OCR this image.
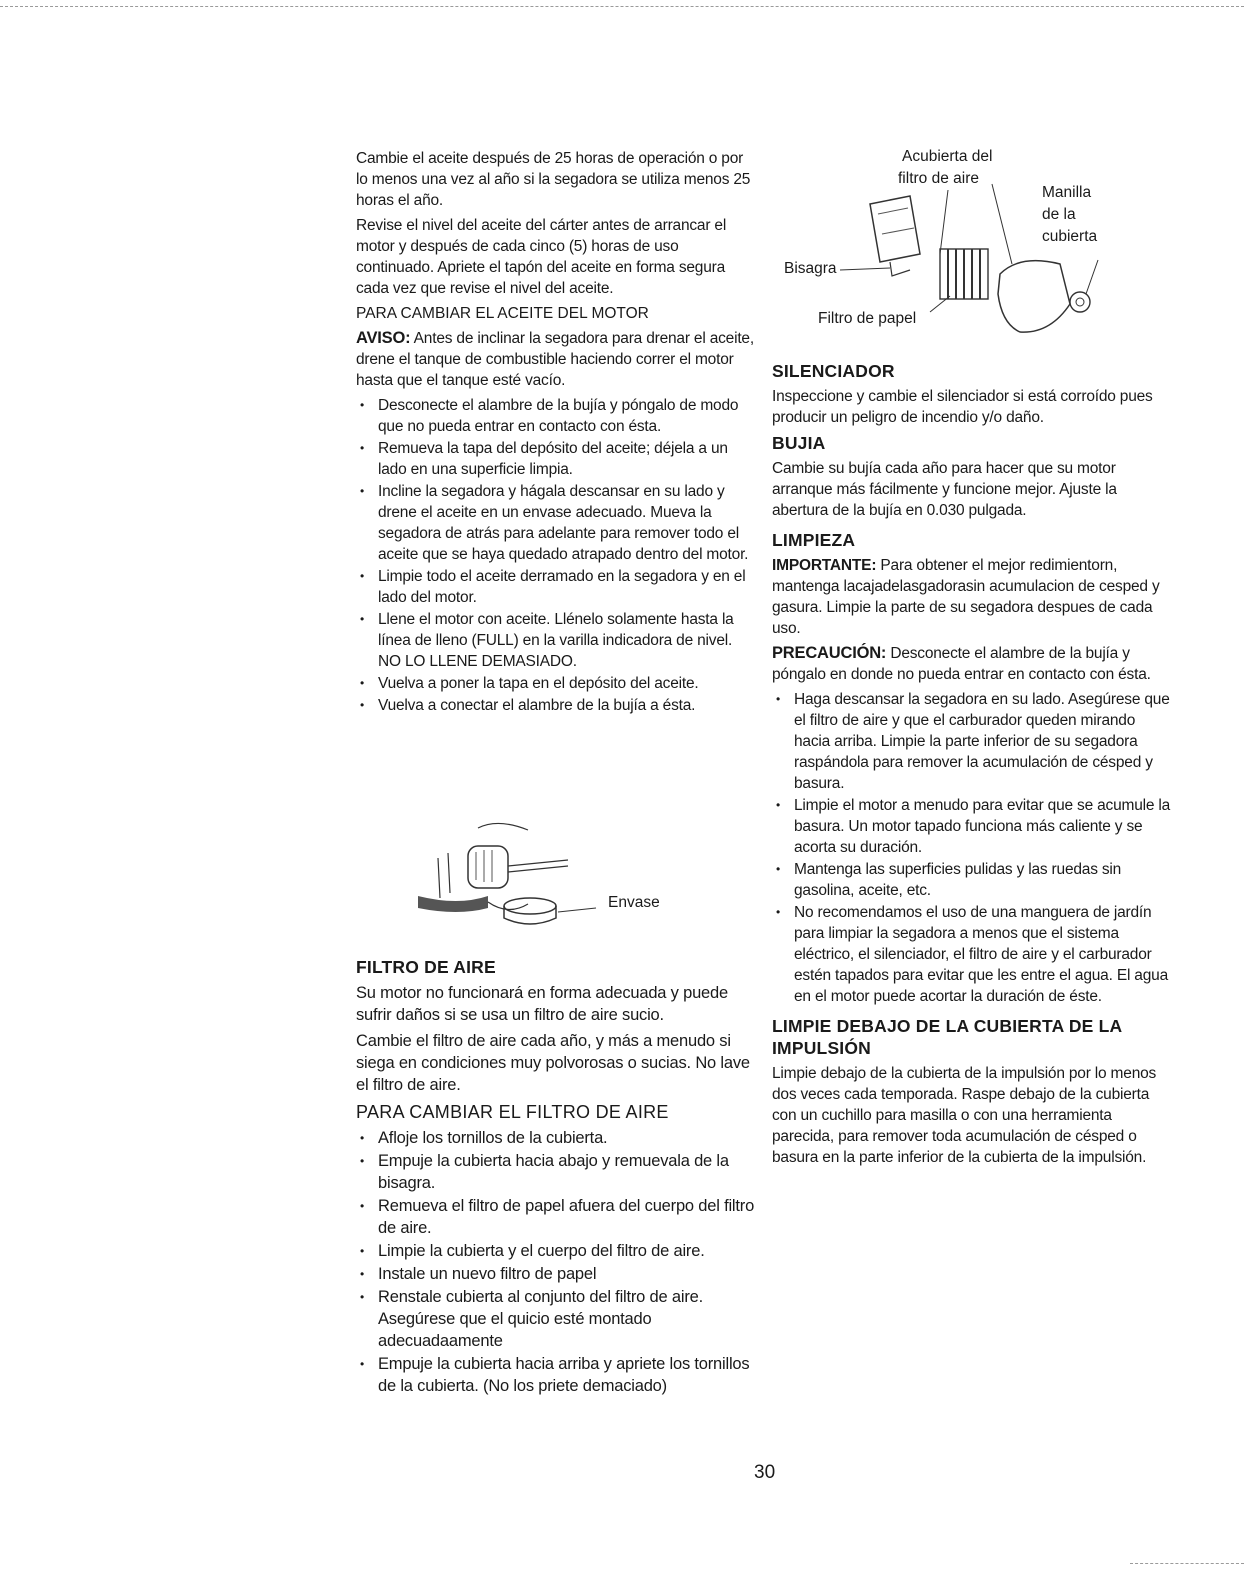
Cambie el aceite después de 25 horas de operación o por lo menos una vez al año si la segadora se utiliza menos 25 horas el año.

Revise el nivel del aceite del cárter antes de arrancar el motor y después de cada cinco (5) horas de uso continuado. Apriete el tapón del aceite en forma segura cada vez que revise el nivel del aceite.

PARA CAMBIAR EL ACEITE DEL MOTOR

AVISO: Antes de inclinar la segadora para drenar el aceite, drene el tanque de combustible haciendo correr el motor hasta que el tanque esté vacío.

• Desconecte el alambre de la bujía y póngalo de modo que no pueda entrar en contacto con ésta.
• Remueva la tapa del depósito del aceite; déjela a un lado en una superficie limpia.
• Incline la segadora y hágala descansar en su lado y drene el aceite en un envase adecuado. Mueva la segadora de atrás para adelante para remover todo el aceite que se haya quedado atrapado dentro del motor.
• Limpie todo el aceite derramado en la segadora y en el lado del motor.
• Llene el motor con aceite. Llénelo solamente hasta la línea de lleno (FULL) en la varilla indicadora de nivel. NO LO LLENE DEMASIADO.
• Vuelva a poner la tapa en el depósito del aceite.
• Vuelva a conectar el alambre de la bujía a ésta.
Envase
FILTRO DE AIRE

Su motor no funcionará en forma adecuada y puede sufrir daños si se usa un filtro de aire sucio.

Cambie el filtro de aire cada año, y más a menudo si siega en condiciones muy polvorosas o sucias. No lave el filtro de aire.

PARA CAMBIAR EL FILTRO DE AIRE
• Afloje los tornillos de la cubierta.
• Empuje la cubierta hacia abajo y remuevala de la bisagra.
• Remueva el filtro de papel afuera del cuerpo del filtro de aire.
• Limpie la cubierta y el cuerpo del filtro de aire.
• Instale un nuevo filtro de papel
• Renstale cubierta al conjunto del filtro de aire. Asegúrese que el quicio esté montado adecuadaamente
• Empuje la cubierta hacia arriba y apriete los tornillos de la cubierta. (No los priete demaciado)
Acubierta del
filtro de aire
Manilla
de la
cubierta
Bisagra
Filtro de papel
SILENCIADOR

Inspeccione y cambie el silenciador si está corroído pues producir un peligro de incendio y/o daño.

BUJIA

Cambie su bujía cada año para hacer que su motor arranque más fácilmente y funcione mejor. Ajuste la abertura de la bujía en 0.030 pulgada.

LIMPIEZA

IMPORTANTE: Para obtener el mejor redimientorn, mantenga lacajadelasgadorasin acumulacion de cesped y gasura. Limpie la parte de su segadora despues de cada uso.

PRECAUCIÓN: Desconecte el alambre de la bujía y póngalo en donde no pueda entrar en contacto con ésta.

• Haga descansar la segadora en su lado. Asegúrese que el filtro de aire y que el carburador queden mirando hacia arriba. Limpie la parte inferior de su segadora raspándola para remover la acumulación de césped y basura.
• Limpie el motor a menudo para evitar que se acumule la basura. Un motor tapado funciona más caliente y se acorta su duración.
• Mantenga las superficies pulidas y las ruedas sin gasolina, aceite, etc.
• No recomendamos el uso de una manguera de jardín para limpiar la segadora a menos que el sistema eléctrico, el silenciador, el filtro de aire y el carburador estén tapados para evitar que les entre el agua. El agua en el motor puede acortar la duración de éste.
LIMPIE DEBAJO DE LA CUBIERTA DE LA IMPULSIÓN

Limpie debajo de la cubierta de la impulsión por lo menos dos veces cada temporada. Raspe debajo de la cubierta con un cuchillo para masilla o con una herramienta parecida, para remover toda acumulación de césped o basura en la parte inferior de la cubierta de la impulsión.

30
